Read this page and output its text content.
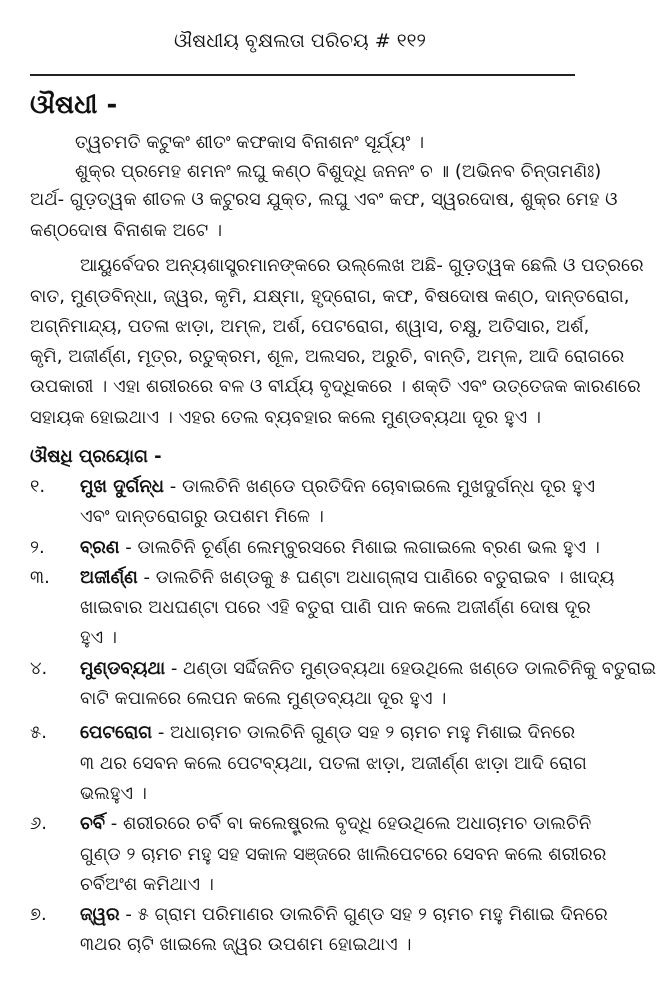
ଔଷଧୀୟ ବୃକ୍ଷଲତା ପରିଚୟ # ୧୧୨
ଔଷଧୀ -
ତ୍ୱଚମତି କଟୁକଂ ଶୀତଂ କଫକାସ ବିନାଶନଂ ସୂର୍ଯ୍ୟଂ ।
ଶୁକ୍ର ପ୍ରମେହ ଶମନଂ ଲଘୁ କଣ୍ଠ ବିଶୁଦ୍ଧି ଜନନଂ ଚ ॥ (ଅଭିନବ ଚିନ୍ତାମଣିଃ)
ଅର୍ଥ- ଗୁଡ଼ତ୍ୱକ ଶୀତଳ ଓ କଟୁରସ ଯୁକ୍ତ, ଲଘୁ ଏବଂ କଫ, ସ୍ୱରଦୋଷ, ଶୁକ୍ର ମେହ ଓ
କଣ୍ଠଦୋଷ ବିନାଶକ ଅଟେ ।
ଆୟୁର୍ବେଦର ଅନ୍ୟଶାସ୍ତ୍ରମାନଙ୍କରେ ଉଲ୍ଲେଖ ଅଛି- ଗୁଡ଼ତ୍ୱକ ଛେଲି ଓ ପତ୍ରରେ
ବାତ, ମୁଣ୍ଡବିନ୍ଧା, ଜ୍ୱର, କୃମି, ଯକ୍ଷ୍ମା, ହୃଦ୍‌ରୋଗ, କଫ, ବିଷଦୋଷ କଣ୍ଠ, ଦାନ୍ତରୋଗ,
ଅଗ୍ନିମାନ୍ଦ୍ୟ, ପତଳା ଝାଡ଼ା, ଅମ୍ଳ, ଅର୍ଶ, ପେଟରୋଗ, ଶ୍ୱାସ, ଚକ୍ଷୁ, ଅତିସାର, ଅର୍ଶ,
କୃମି, ଅଜୀର୍ଣ୍ଣ, ମୂତ୍ର, ରତୁକ୍ରମ, ଶୂଳ, ଅଲସର, ଅରୁଚି, ବାନ୍ତି, ଅମ୍ଳ, ଆଦି ରୋଗରେ
ଉପକାରୀ । ଏହା ଶରୀରରେ ବଳ ଓ ବୀର୍ଯ୍ୟ ବୃଦ୍ଧିକରେ । ଶକ୍ତି ଏବଂ ଉତ୍ତେଜକ କାରଣରେ
ସହାୟକ ହୋଇଥାଏ । ଏହର ତେଲ ବ୍ୟବହାର କଲେ ମୁଣ୍ଡବ୍ୟଥା ଦୂର ହୁଏ ।
ଔଷଧି ପ୍ରୟୋଗ -
୧. ମୁଖ ଦୁର୍ଗନ୍ଧ - ଡାଲଚିନି ଖଣ୍ଡେ ପ୍ରତିଦିନ ଚୋବାଇଲେ ମୁଖଦୁର୍ଗନ୍ଧ ଦୂର ହୁଏ
ଏବଂ ଦାନ୍ତରୋଗରୁ ଉପଶମ ମିଳେ ।
୨. ବ୍ରଣ - ଡାଲଚିନି ଚୂର୍ଣ୍ଣ ଲେମ୍ବୁରସରେ ମିଶାଇ ଲଗାଇଲେ ବ୍ରଣ ଭଲ ହୁଏ ।
୩. ଅଜୀର୍ଣ୍ଣ - ଡାଲଚିନି ଖଣ୍ଡକୁ ୫ ଘଣ୍ଟା ଅଧାଗ୍ଲାସ ପାଣିରେ ବତୁରାଇବ । ଖାଦ୍ୟ
ଖାଇବାର ଅଧଘଣ୍ଟା ପରେ ଏହି ବତୁରା ପାଣି ପାନ କଲେ ଅଜୀର୍ଣ୍ଣ ଦୋଷ ଦୂର
ହୁଏ ।
୪. ମୁଣ୍ଡବ୍ୟଥା - ଥଣ୍ଡା ସର୍ଦ୍ଦିଜନିତ ମୁଣ୍ଡବ୍ୟଥା ହେଉଥିଲେ ଖଣ୍ଡେ ଡାଲଚିନିକୁ ବତୁରାଇ
ବାଟି କପାଳରେ ଲେପନ କଲେ ମୁଣ୍ଡବ୍ୟଥା ଦୂର ହୁଏ ।
୫. ପେଟରୋଗ - ଅଧାଚାମଚ ଡାଲଚିନି ଗୁଣ୍ଡ ସହ ୨ ଚାମଚ ମହୁ ମିଶାଇ ଦିନରେ
୩ ଥର ସେବନ କଲେ ପେଟବ୍ୟଥା, ପତଳା ଝାଡ଼ା, ଅଜୀର୍ଣ୍ଣ ଝାଡ଼ା ଆଦି ରୋଗ
ଭଲହୁଏ ।
୬. ଚର୍ବି - ଶରୀରରେ ଚର୍ବି ବା କଲେଷ୍ଟ୍ରଲ ବୃଦ୍ଧି ହେଉଥିଲେ ଅଧାଚାମଚ ଡାଲଚିନି
ଗୁଣ୍ଡ ୨ ଚାମଚ ମହୁ ସହ ସକାଳ ସଞ୍ଜରେ ଖାଲିପେଟରେ ସେବନ କଲେ ଶରୀରର
ଚର୍ବିଅଂଶ କମିଥାଏ ।
୭. ଜ୍ୱର - ୫ ଗ୍ରାମ ପରିମାଣର ଡାଲଚିନି ଗୁଣ୍ଡ ସହ ୨ ଚାମଚ ମହୁ ମିଶାଇ ଦିନରେ
୩ଥର ଚାଟି ଖାଇଲେ ଜ୍ୱର ଉପଶମ ହୋଇଥାଏ ।
